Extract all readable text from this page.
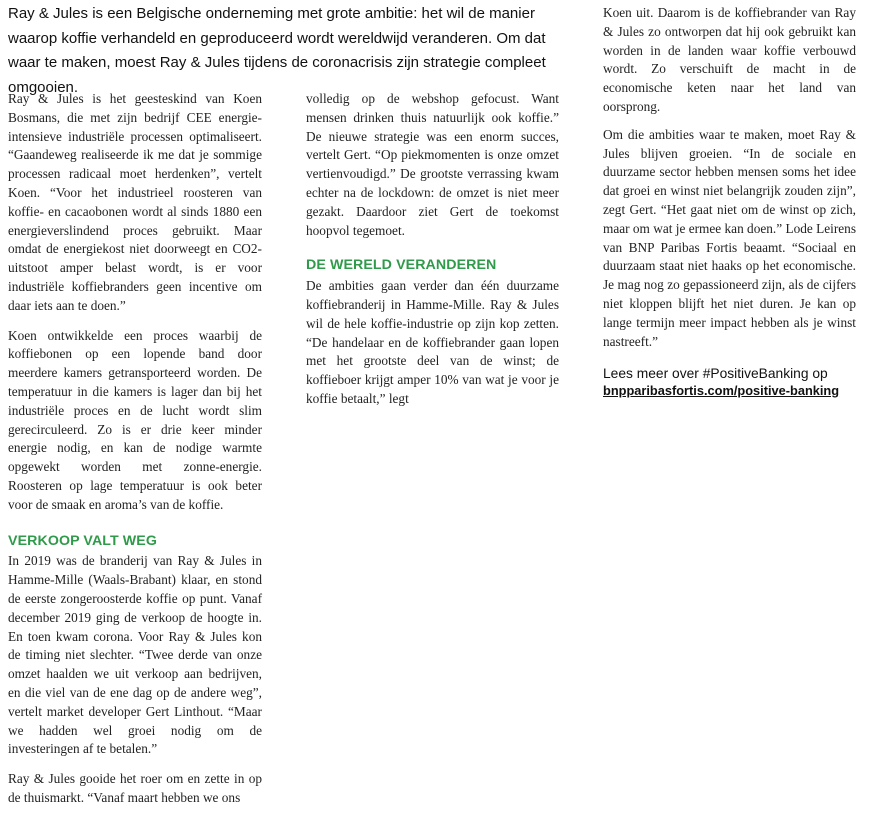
Ray & Jules is een Belgische onderneming met grote ambitie: het wil de manier waarop koffie verhandeld en geproduceerd wordt wereldwijd veranderen. Om dat waar te maken, moest Ray & Jules tijdens de coronacrisis zijn strategie compleet omgooien.

Ray & Jules is het geesteskind van Koen Bosmans, die met zijn bedrijf CEE energie-intensieve industriële processen optimaliseert. “Gaandeweg realiseerde ik me dat je sommige processen radicaal moet herdenken”, vertelt Koen. “Voor het industrieel roosteren van koffie- en cacaobonen wordt al sinds 1880 een energieverslindend proces gebruikt. Maar omdat de energiekost niet doorweegt en CO2-uitstoot amper belast wordt, is er voor industriële koffiebranders geen incentive om daar iets aan te doen.”

Koen ontwikkelde een proces waarbij de koffiebonen op een lopende band door meerdere kamers getransporteerd worden. De temperatuur in die kamers is lager dan bij het industriële proces en de lucht wordt slim gerecirculeerd. Zo is er drie keer minder energie nodig, en kan de nodige warmte opgewekt worden met zonne-energie. Roosteren op lage temperatuur is ook beter voor de smaak en aroma’s van de koffie.

VERKOOP VALT WEG

In 2019 was de branderij van Ray & Jules in Hamme-Mille (Waals-Brabant) klaar, en stond de eerste zongeroosterde koffie op punt. Vanaf december 2019 ging de verkoop de hoogte in. En toen kwam corona. Voor Ray & Jules kon de timing niet slechter. “Twee derde van onze omzet haalden we uit verkoop aan bedrijven, en die viel van de ene dag op de andere weg”, vertelt market developer Gert Linthout. “Maar we hadden wel groei nodig om de investeringen af te betalen.”

Ray & Jules gooide het roer om en zette in op de thuismarkt. “Vanaf maart hebben we ons

volledig op de webshop gefocust. Want mensen drinken thuis natuurlijk ook koffie.” De nieuwe strategie was een enorm succes, vertelt Gert. “Op piekmomenten is onze omzet vertienvoudigd.” De grootste verrassing kwam echter na de lockdown: de omzet is niet meer gezakt. Daardoor ziet Gert de toekomst hoopvol tegemoet.

DE WERELD VERANDEREN

De ambities gaan verder dan één duurzame koffiebranderij in Hamme-Mille. Ray & Jules wil de hele koffie-industrie op zijn kop zetten. “De handelaar en de koffiebrander gaan lopen met het grootste deel van de winst; de koffieboer krijgt amper 10% van wat je voor je koffie betaalt,” legt

Koen uit. Daarom is de koffiebrander van Ray & Jules zo ontworpen dat hij ook gebruikt kan worden in de landen waar koffie verbouwd wordt. Zo verschuift de macht in de economische keten naar het land van oorsprong.

Om die ambities waar te maken, moet Ray & Jules blijven groeien. “In de sociale en duurzame sector hebben mensen soms het idee dat groei en winst niet belangrijk zouden zijn”, zegt Gert. “Het gaat niet om de winst op zich, maar om wat je ermee kan doen.” Lode Leirens van BNP Paribas Fortis beaamt. “Sociaal en duurzaam staat niet haaks op het economische. Je mag nog zo gepassioneerd zijn, als de cijfers niet kloppen blijft het niet duren. Je kan op lange termijn meer impact hebben als je winst nastreeft.”

Lees meer over #PositiveBanking op
bnpparibasfortis.com/positive-banking
